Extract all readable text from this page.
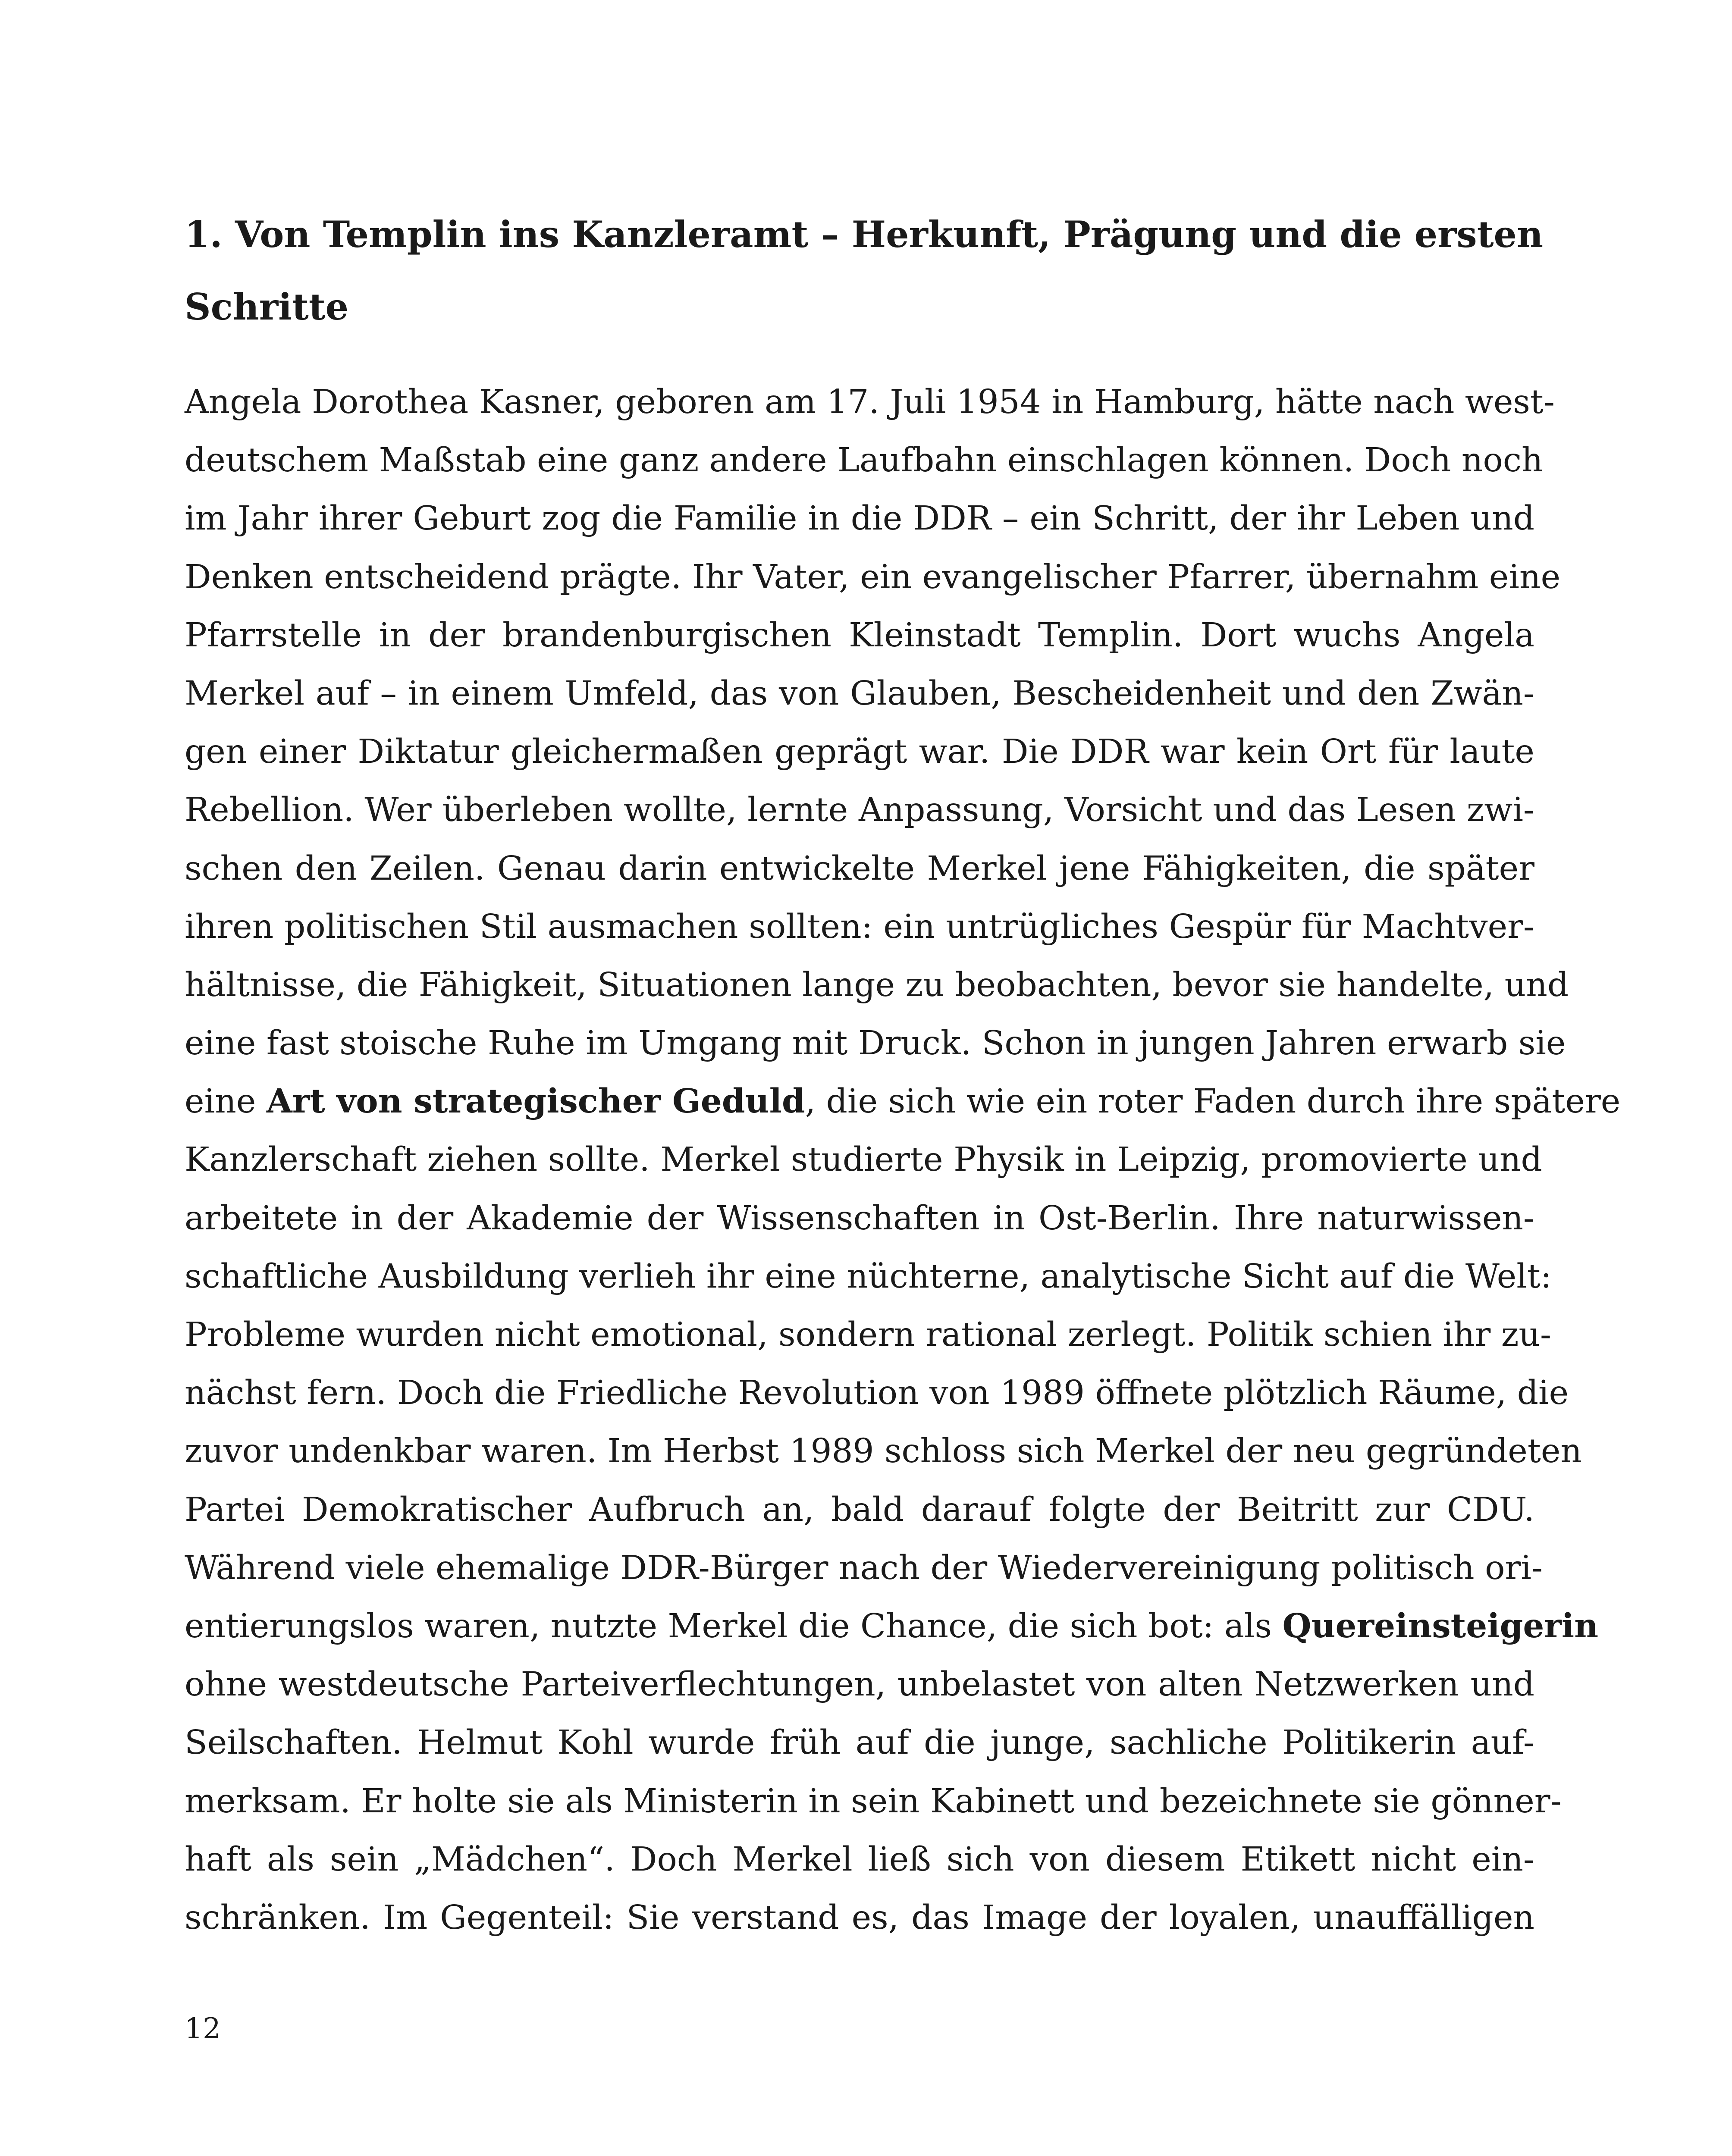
1. Von Templin ins Kanzleramt – Herkunft, Prägung und die ersten
Schritte
Angela Dorothea Kasner, geboren am 17. Juli 1954 in Hamburg, hätte nach west-
deutschem Maßstab eine ganz andere Laufbahn einschlagen können. Doch noch
im Jahr ihrer Geburt zog die Familie in die DDR – ein Schritt, der ihr Leben und
Denken entscheidend prägte. Ihr Vater, ein evangelischer Pfarrer, übernahm eine
Pfarrstelle in der brandenburgischen Kleinstadt Templin. Dort wuchs Angela
Merkel auf – in einem Umfeld, das von Glauben, Bescheidenheit und den Zwän-
gen einer Diktatur gleichermaßen geprägt war. Die DDR war kein Ort für laute
Rebellion. Wer überleben wollte, lernte Anpassung, Vorsicht und das Lesen zwi-
schen den Zeilen. Genau darin entwickelte Merkel jene Fähigkeiten, die später
ihren politischen Stil ausmachen sollten: ein untrügliches Gespür für Machtver-
hältnisse, die Fähigkeit, Situationen lange zu beobachten, bevor sie handelte, und
eine fast stoische Ruhe im Umgang mit Druck. Schon in jungen Jahren erwarb sie
eine Art von strategischer Geduld, die sich wie ein roter Faden durch ihre spätere
Kanzlerschaft ziehen sollte. Merkel studierte Physik in Leipzig, promovierte und
arbeitete in der Akademie der Wissenschaften in Ost-Berlin. Ihre naturwissen-
schaftliche Ausbildung verlieh ihr eine nüchterne, analytische Sicht auf die Welt:
Probleme wurden nicht emotional, sondern rational zerlegt. Politik schien ihr zu-
nächst fern. Doch die Friedliche Revolution von 1989 öffnete plötzlich Räume, die
zuvor undenkbar waren. Im Herbst 1989 schloss sich Merkel der neu gegründeten
Partei Demokratischer Aufbruch an, bald darauf folgte der Beitritt zur CDU.
Während viele ehemalige DDR-Bürger nach der Wiedervereinigung politisch ori-
entierungslos waren, nutzte Merkel die Chance, die sich bot: als Quereinsteigerin
ohne westdeutsche Parteiverflechtungen, unbelastet von alten Netzwerken und
Seilschaften. Helmut Kohl wurde früh auf die junge, sachliche Politikerin auf-
merksam. Er holte sie als Ministerin in sein Kabinett und bezeichnete sie gönner-
haft als sein „Mädchen“. Doch Merkel ließ sich von diesem Etikett nicht ein-
schränken. Im Gegenteil: Sie verstand es, das Image der loyalen, unauffälligen
12
